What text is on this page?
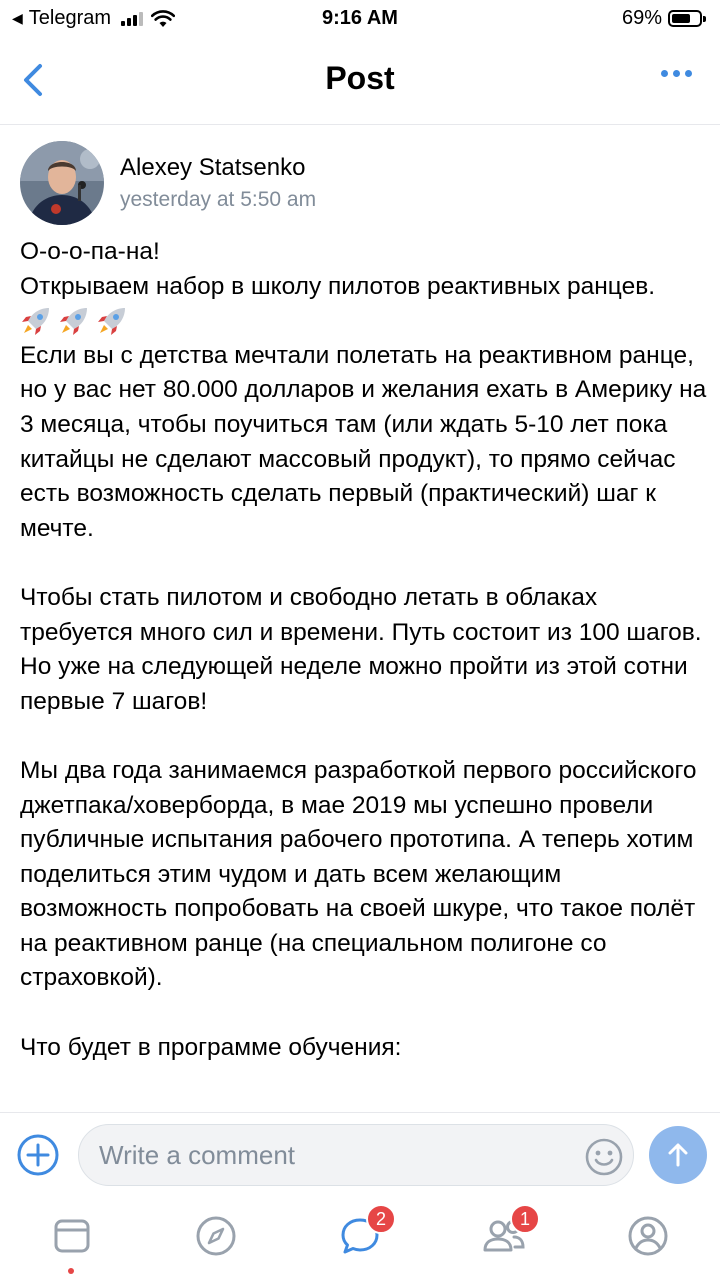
◀ Telegram	9:16 AM	69%
Post
Alexey Statsenko
yesterday at 5:50 am

О-о-о-па-на!

Открываем набор в школу пилотов реактивных ранцев.

Если вы с детства мечтали полетать на реактивном ранце, но у вас нет 80.000 долларов и желания ехать в Америку на 3 месяца, чтобы поучиться там (или ждать 5-10 лет пока китайцы не сделают массовый продукт), то прямо сейчас есть возможность сделать первый (практический) шаг к мечте.

Чтобы стать пилотом и свободно летать в облаках требуется много сил и времени. Путь состоит из 100 шагов. Но уже на следующей неделе можно пройти из этой сотни первые 7 шагов!

Мы два года занимаемся разработкой первого российского джетпака/ховерборда, в мае 2019 мы успешно провели публичные испытания рабочего прототипа. А теперь хотим поделиться этим чудом и дать всем желающим возможность попробовать на своей шкуре, что такое полёт на реактивном ранце (на специальном полигоне со страховкой).

Что будет в программе обучения:

Write a comment
2	1
